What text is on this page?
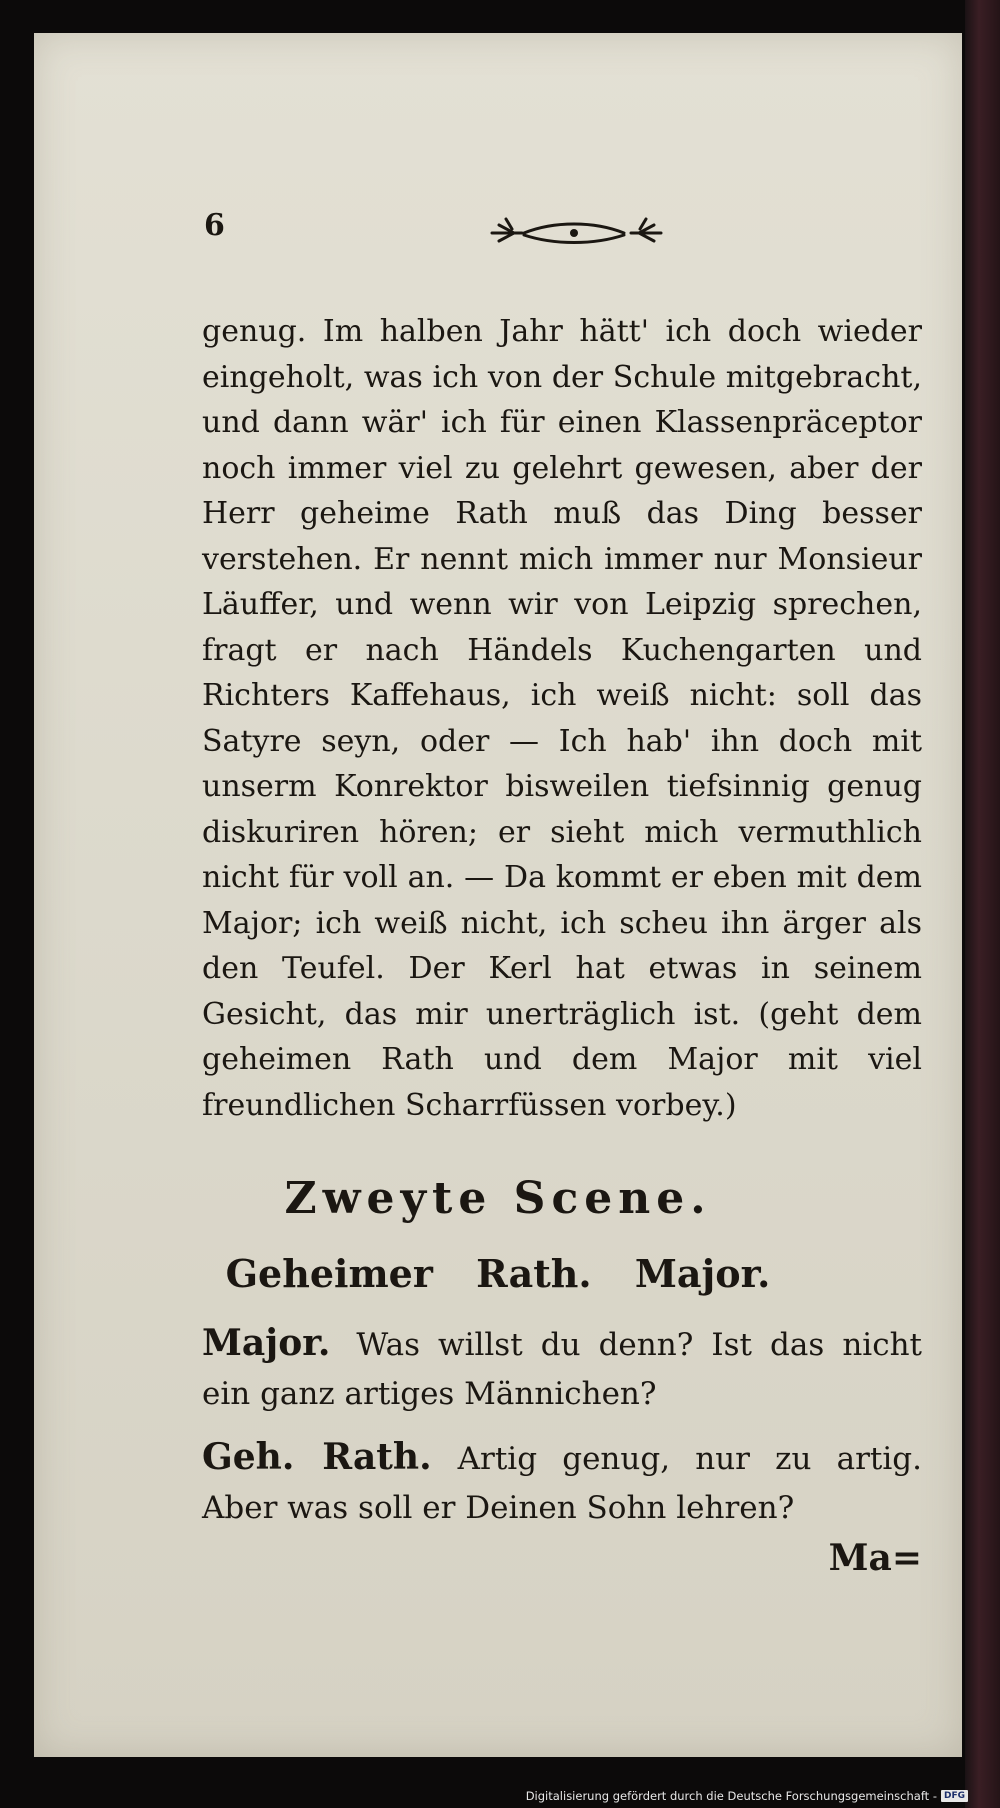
6

genug. Im halben Jahr hätt' ich doch wieder eingeholt, was ich von der Schule mitgebracht, und dann wär' ich für einen Klassenpräceptor noch immer viel zu gelehrt gewesen, aber der Herr geheime Rath muß das Ding besser verstehen. Er nennt mich immer nur Monsieur Läuffer, und wenn wir von Leipzig sprechen, fragt er nach Händels Kuchengarten und Richters Kaffehaus, ich weiß nicht: soll das Satyre seyn, oder — Ich hab' ihn doch mit unserm Konrektor bisweilen tiefsinnig genug diskuriren hören; er sieht mich vermuthlich nicht für voll an. — Da kommt er eben mit dem Major; ich weiß nicht, ich scheu ihn ärger als den Teufel. Der Kerl hat etwas in seinem Gesicht, das mir unerträglich ist. (geht dem geheimen Rath und dem Major mit viel freundlichen Scharrfüssen vorbey.)

Zweyte Scene.

Geheimer Rath. Major.

Major. Was willst du denn? Ist das nicht ein ganz artiges Männichen?

Geh. Rath. Artig genug, nur zu artig. Aber was soll er Deinen Sohn lehren?

Ma=

Digitalisierung gefördert durch die Deutsche Forschungsgemeinschaft - DFG
